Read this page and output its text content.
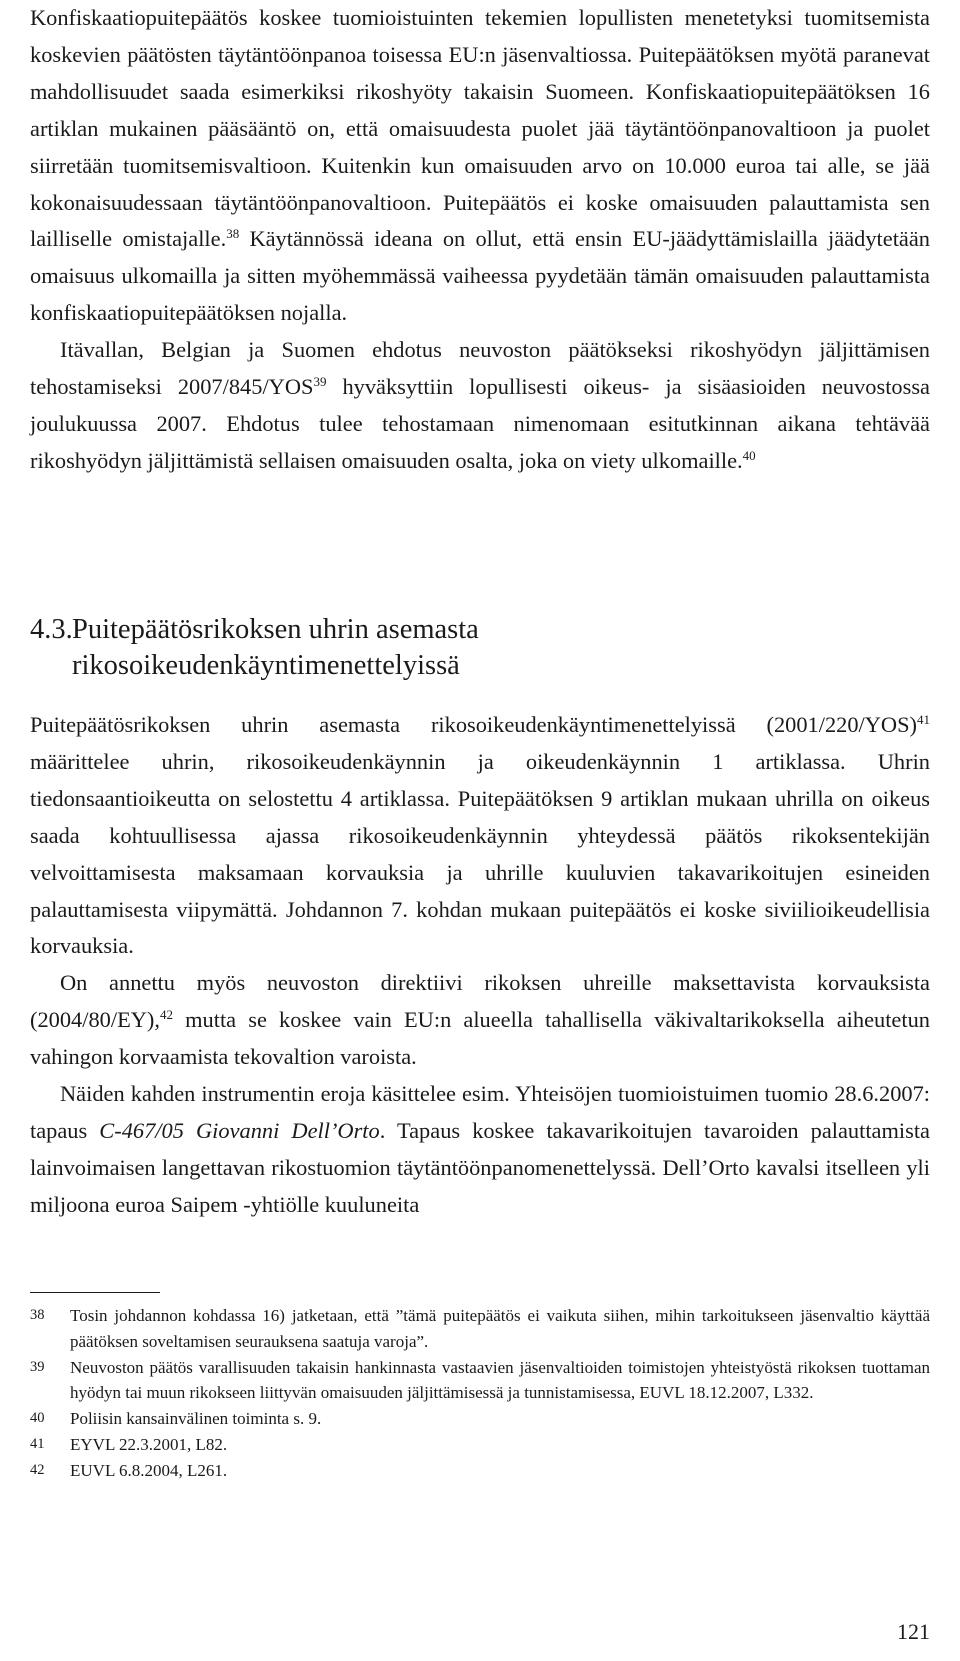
Konfiskaatiopuitepäätös koskee tuomioistuinten tekemien lopullisten menetetyksi tuomitsemista koskevien päätösten täytäntöönpanoa toisessa EU:n jäsenvaltiossa. Puitepäätöksen myötä paranevat mahdollisuudet saada esimerkiksi rikoshyöty takaisin Suomeen. Konfiskaatiopuitepäätöksen 16 artiklan mukainen pääsääntö on, että omaisuudesta puolet jää täytäntöönpanovaltioon ja puolet siirretään tuomitsemisvaltioon. Kuitenkin kun omaisuuden arvo on 10.000 euroa tai alle, se jää kokonaisuudessaan täytäntöönpanovaltioon. Puitepäätös ei koske omaisuuden palauttamista sen lailliselle omistajalle.$^{38}$ Käytännössä ideana on ollut, että ensin EU-jäädyttämislailla jäädytetään omaisuus ulkomailla ja sitten myöhemmässä vaiheessa pyydetään tämän omaisuuden palauttamista konfiskaatiopuitepäätöksen nojalla.

Itävallan, Belgian ja Suomen ehdotus neuvoston päätökseksi rikoshyödyn jäljittämisen tehostamiseksi 2007/845/YOS$^{39}$ hyväksyttiin lopullisesti oikeus- ja sisäasioiden neuvostossa joulukuussa 2007. Ehdotus tulee tehostamaan nimenomaan esitutkinnan aikana tehtävää rikoshyödyn jäljittämistä sellaisen omaisuuden osalta, joka on viety ulkomaille.$^{40}$

4.3. Puitepäätösrikoksen uhrin asemasta
rikosoikeudenkäyntimenettelyissä

Puitepäätösrikoksen uhrin asemasta rikosoikeudenkäyntimenettelyissä $(2001/220/YOS)^{41}$ määrittelee uhrin, rikosoikeudenkäynnin ja oikeudenkäynnin 1 artiklassa. Uhrin tiedonsaantioikeutta on selostettu 4 artiklassa. Puitepäätöksen 9 artiklan mukaan uhrilla on oikeus saada kohtuullisessa ajassa rikosoikeudenkäynnin yhteydessä päätös rikoksentekijän velvoittamisesta maksamaan korvauksia ja uhrille kuuluvien takavarikoitujen esineiden palauttamisesta viipymättä. Johdannon 7. kohdan mukaan puitepäätös ei koske siviilioikeudellisia korvauksia.

On annettu myös neuvoston direktiivi rikoksen uhreille maksettavista korvauksista (2004/80/EY),$^{42}$ mutta se koskee vain EU:n alueella tahallisella väkivaltarikoksella aiheutetun vahingon korvaamista tekovaltion varoista.

Näiden kahden instrumentin eroja käsittelee esim. Yhteisöjen tuomioistuimen tuomio 28.6.2007: tapaus C-467/05 Giovanni Dell’Orto. Tapaus koskee takavarikoitujen tavaroiden palauttamista lainvoimaisen langettavan rikostuomion täytäntöönpanomenettelyssä. Dell’Orto kavalsi itselleen yli miljoona euroa Saipem -yhtiölle kuuluneita

38	Tosin johdannon kohdassa 16) jatketaan, että ”tämä puitepäätös ei vaikuta siihen, mihin tarkoitukseen jäsenvaltio käyttää päätöksen soveltamisen seurauksena saatuja varoja”.
39	Neuvoston päätös varallisuuden takaisin hankinnasta vastaavien jäsenvaltioiden toimistojen yhteistyöstä rikoksen tuottaman hyödyn tai muun rikokseen liittyvän omaisuuden jäljittämisessä ja tunnistamisessa, EUVL 18.12.2007, L332.
40	Poliisin kansainvälinen toiminta s. 9.
41	EYVL 22.3.2001, L82.
42	EUVL 6.8.2004, L261.
121
